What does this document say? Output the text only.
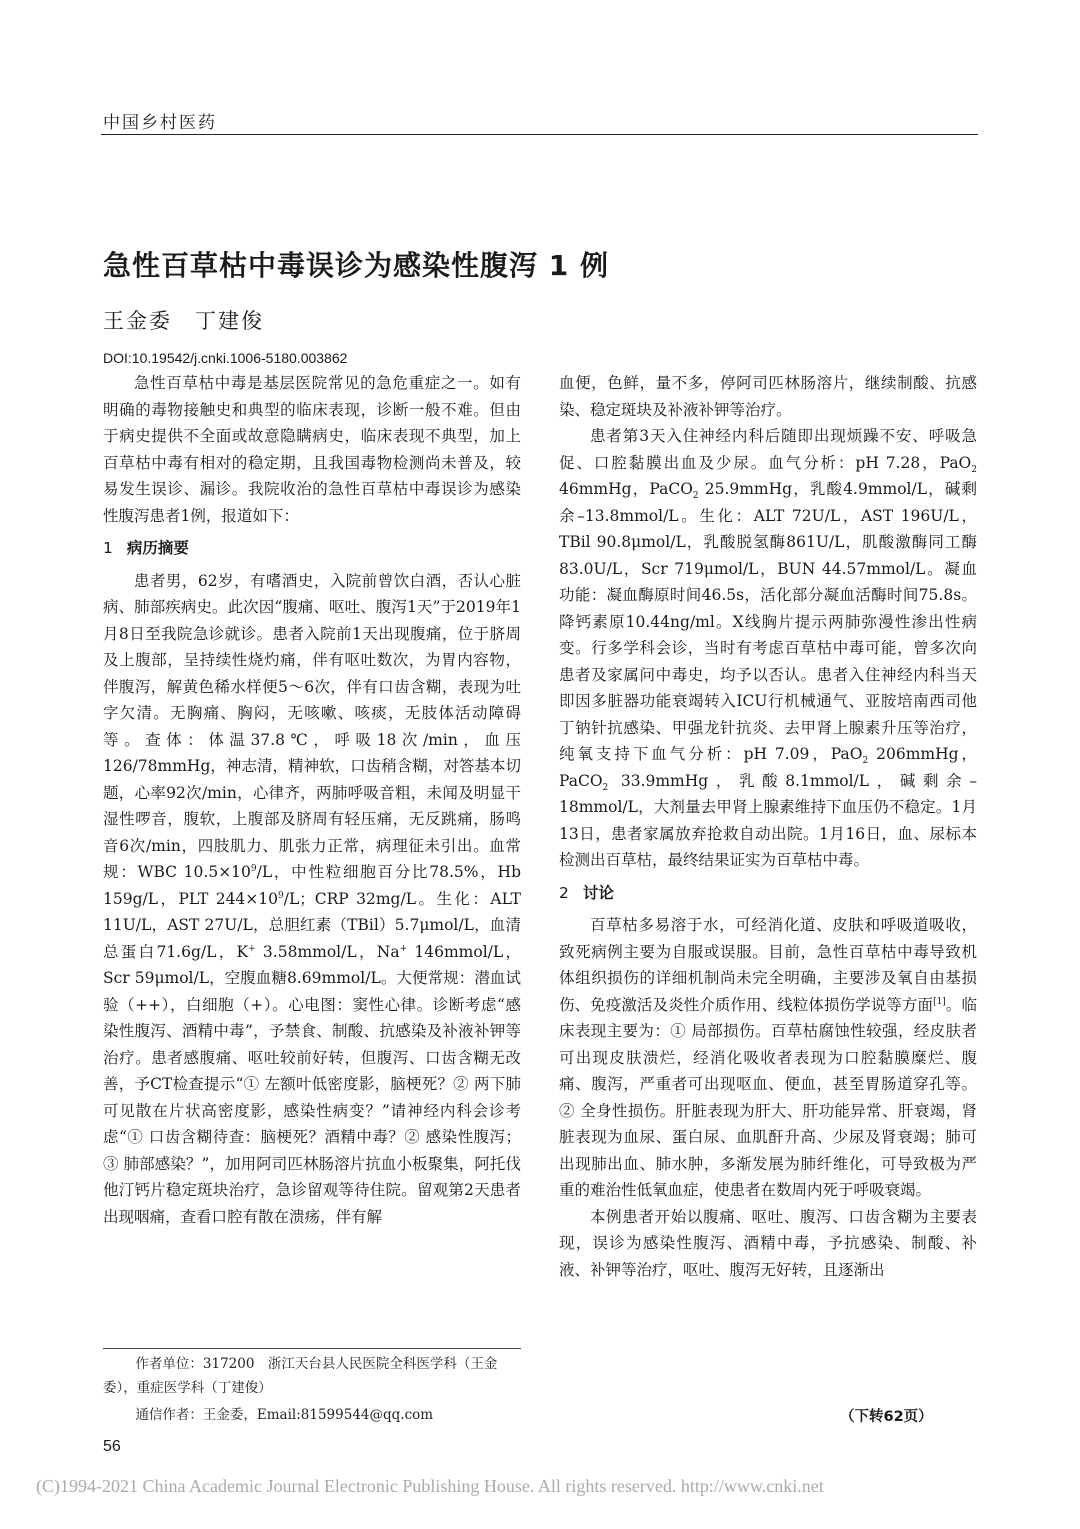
中国乡村医药
急性百草枯中毒误诊为感染性腹泻 1 例
王金委　丁建俊
DOI:10.19542/j.cnki.1006-5180.003862

急性百草枯中毒是基层医院常见的急危重症之一。如有明确的毒物接触史和典型的临床表现，诊断一般不难。但由于病史提供不全面或故意隐瞒病史，临床表现不典型，加上百草枯中毒有相对的稳定期，且我国毒物检测尚未普及，较易发生误诊、漏诊。我院收治的急性百草枯中毒误诊为感染性腹泻患者1例，报道如下：

1 病历摘要

患者男，62岁，有嗜酒史，入院前曾饮白酒，否认心脏病、肺部疾病史。此次因“腹痛、呕吐、腹泻1天”于2019年1月8日至我院急诊就诊。患者入院前1天出现腹痛，位于脐周及上腹部，呈持续性烧灼痛，伴有呕吐数次，为胃内容物，伴腹泻，解黄色稀水样便5～6次，伴有口齿含糊，表现为吐字欠清。无胸痛、胸闷，无咳嗽、咳痰，无肢体活动障碍等。查体：体温37.8℃，呼吸18次/min，血压126/78mmHg，神志清，精神软，口齿稍含糊，对答基本切题，心率92次/min，心律齐，两肺呼吸音粗，未闻及明显干湿性啰音，腹软，上腹部及脐周有轻压痛，无反跳痛，肠鸣音6次/min，四肢肌力、肌张力正常，病理征未引出。血常规：WBC $10.5\times 10^9/L$，中性粒细胞百分比78.5%，Hb 159g/L，PLT $244\times 10^9/L$；CRP 32mg/L。生化：ALT 11U/L，AST 27U/L，总胆红素（TBil）5.7μmol/L，血清总蛋白71.6g/L，K+ 3.58mmol/L，Na+ 146mmol/L，Scr 59μmol/L，空腹血糖8.69mmol/L。大便常规：潜血试验（++），白细胞（+）。心电图：窦性心律。诊断考虑“感染性腹泻、酒精中毒”，予禁食、制酸、抗感染及补液补钾等治疗。患者感腹痛、呕吐较前好转，但腹泻、口齿含糊无改善，予CT检查提示“① 左额叶低密度影，脑梗死？② 两下肺可见散在片状高密度影，感染性病变？”请神经内科会诊考虑“① 口齿含糊待查：脑梗死？酒精中毒？② 感染性腹泻；③ 肺部感染？”，加用阿司匹林肠溶片抗血小板聚集，阿托伐他汀钙片稳定斑块治疗，急诊留观等待住院。留观第2天患者出现咽痛，查看口腔有散在溃疡，伴有解

血便，色鲜，量不多，停阿司匹林肠溶片，继续制酸、抗感染、稳定斑块及补液补钾等治疗。

患者第3天入住神经内科后随即出现烦躁不安、呼吸急促、口腔黏膜出血及少尿。血气分析：pH 7.28，PaO$_2$ 46mmHg，PaCO$_2$ 25.9mmHg，乳酸4.9mmol/L，碱剩余–13.8mmol/L。生化：ALT 72U/L，AST 196U/L，TBil 90.8μmol/L，乳酸脱氢酶861U/L，肌酸激酶同工酶83.0U/L，Scr 719μmol/L，BUN 44.57mmol/L。凝血功能：凝血酶原时间46.5s，活化部分凝血活酶时间75.8s。降钙素原10.44ng/ml。X线胸片提示两肺弥漫性渗出性病变。行多学科会诊，当时有考虑百草枯中毒可能，曾多次向患者及家属问中毒史，均予以否认。患者入住神经内科当天即因多脏器功能衰竭转入ICU行机械通气、亚胺培南西司他丁钠针抗感染、甲强龙针抗炎、去甲肾上腺素升压等治疗，纯氧支持下血气分析：pH 7.09，PaO$_2$ 206mmHg，PaCO$_2$ 33.9mmHg，乳酸8.1mmol/L，碱剩余–18mmol/L，大剂量去甲肾上腺素维持下血压仍不稳定。1月13日，患者家属放弃抢救自动出院。1月16日，血、尿标本检测出百草枯，最终结果证实为百草枯中毒。

2 讨论

百草枯多易溶于水，可经消化道、皮肤和呼吸道吸收，致死病例主要为自服或误服。目前，急性百草枯中毒导致机体组织损伤的详细机制尚未完全明确，主要涉及氧自由基损伤、免疫激活及炎性介质作用、线粒体损伤学说等方面[1]。临床表现主要为：① 局部损伤。百草枯腐蚀性较强，经皮肤者可出现皮肤溃烂，经消化吸收者表现为口腔黏膜糜烂、腹痛、腹泻，严重者可出现呕血、便血，甚至胃肠道穿孔等。② 全身性损伤。肝脏表现为肝大、肝功能异常、肝衰竭，肾脏表现为血尿、蛋白尿、血肌酐升高、少尿及肾衰竭；肺可出现肺出血、肺水肿，多渐发展为肺纤维化，可导致极为严重的难治性低氧血症，使患者在数周内死于呼吸衰竭。

本例患者开始以腹痛、呕吐、腹泻、口齿含糊为主要表现，误诊为感染性腹泻、酒精中毒，予抗感染、制酸、补液、补钾等治疗，呕吐、腹泻无好转，且逐渐出

作者单位：317200　浙江天台县人民医院全科医学科（王金委），重症医学科（丁建俊）

通信作者：王金委，Email:81599544@qq.com	（下转62页）
56
(C)1994-2021 China Academic Journal Electronic Publishing House. All rights reserved. http://www.cnki.net
